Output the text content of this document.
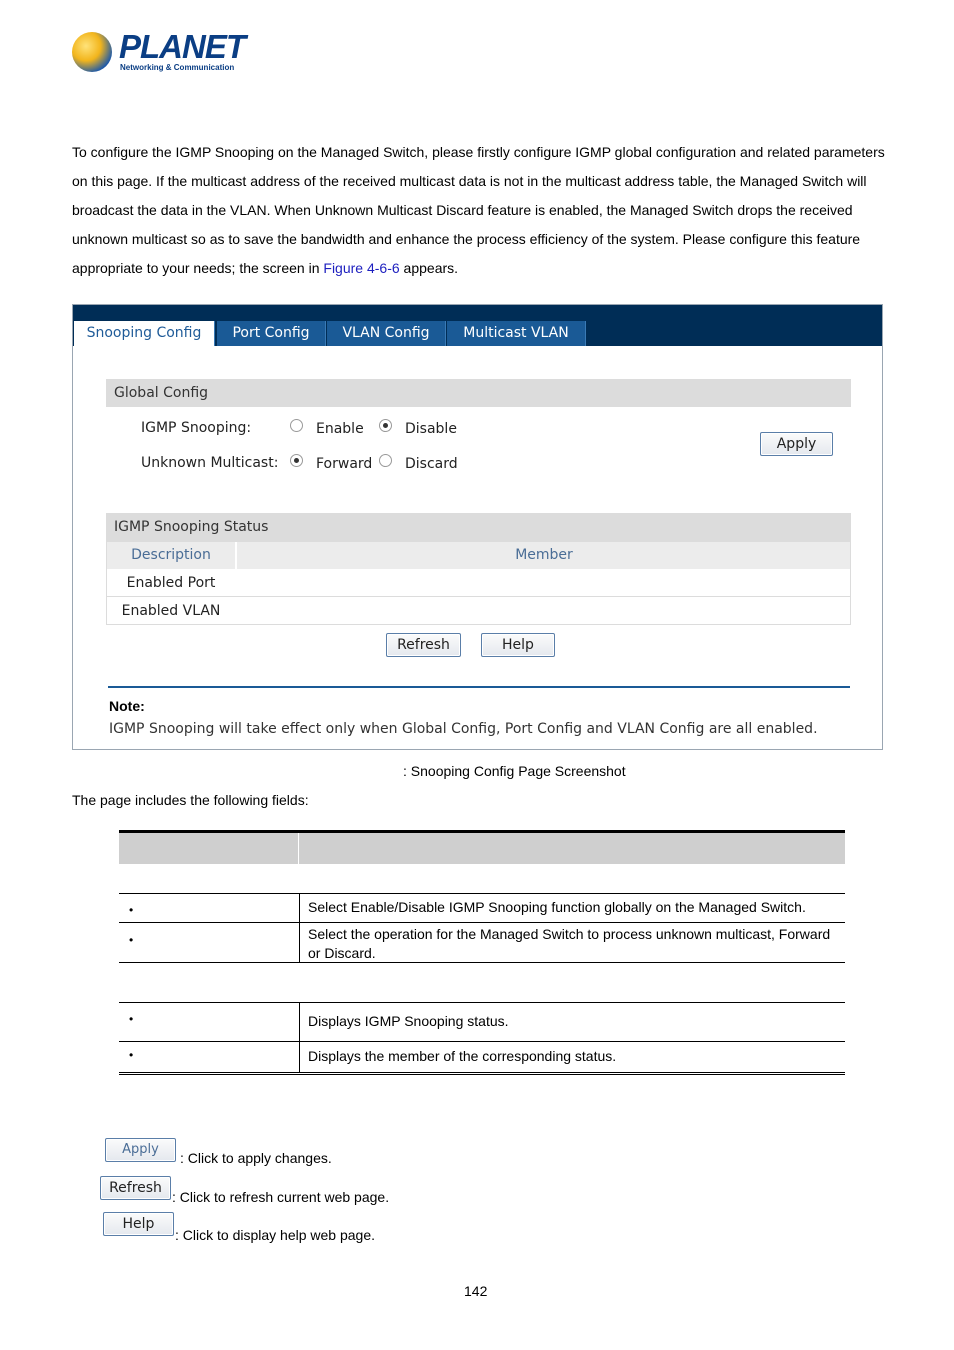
PLANET
Networking & Communication
To configure the IGMP Snooping on the Managed Switch, please firstly configure IGMP global configuration and related parameters on this page. If the multicast address of the received multicast data is not in the multicast address table, the Managed Switch will broadcast the data in the VLAN. When Unknown Multicast Discard feature is enabled, the Managed Switch drops the received unknown multicast so as to save the bandwidth and enhance the process efficiency of the system. Please configure this feature appropriate to your needs; the screen in Figure 4-6-6 appears.
Snooping Config	Port Config	VLAN Config	Multicast VLAN
Global Config
IGMP Snooping:	Enable	Disable
Unknown Multicast:	Forward Discard
Apply
IGMP Snooping Status
Description	Member
Enabled Port
Enabled VLAN
Refresh	Help
Note:
IGMP Snooping will take effect only when Global Config, Port Config and VLAN Config are all enabled.
: Snooping Config Page Screenshot
The page includes the following fields:
•	Select Enable/Disable IGMP Snooping function globally on the Managed Switch.
•	Select the operation for the Managed Switch to process unknown multicast, Forward or Discard.
•	Displays IGMP Snooping status.
•	Displays the member of the corresponding status.
Apply
: Click to apply changes.
Refresh
: Click to refresh current web page.
Help
: Click to display help web page.
142
